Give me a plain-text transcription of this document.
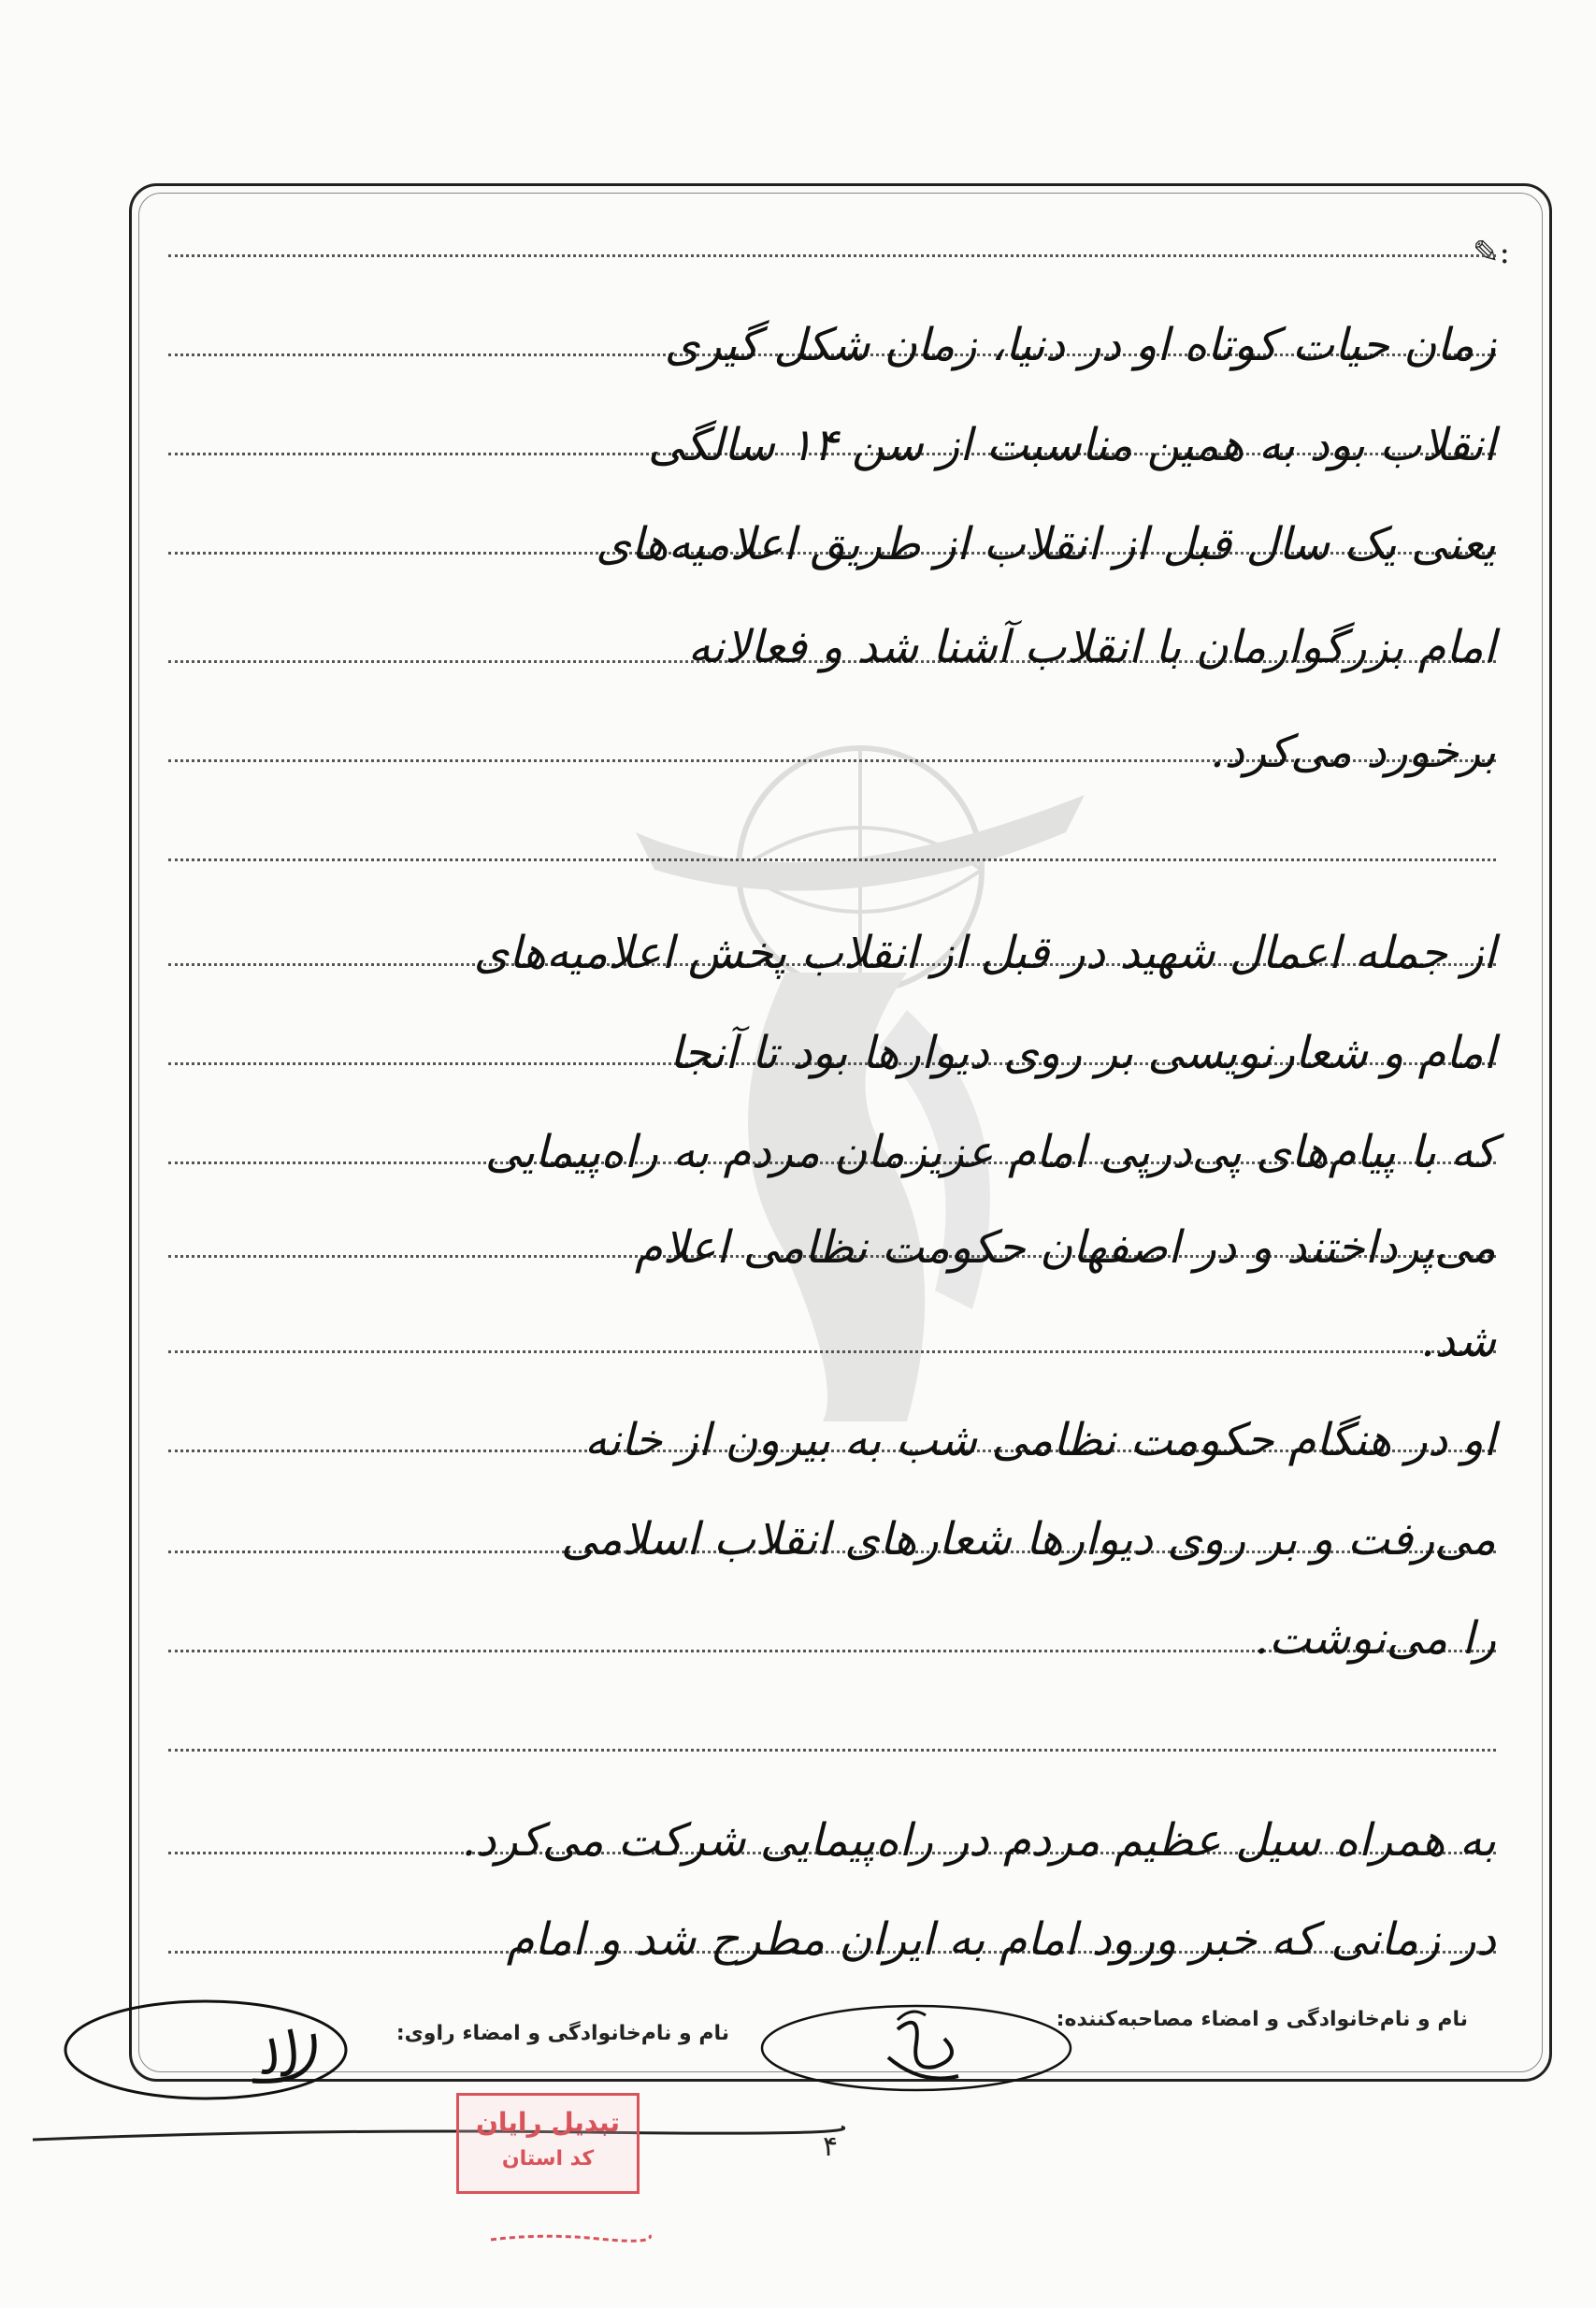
✎:
زمان حیات کوتاه او در دنیا، زمان شکل گیری
انقلاب بود به همین مناسبت از سن ۱۴ سالگی
یعنی یک سال قبل از انقلاب از طریق اعلامیه‌های
امام بزرگوارمان با انقلاب آشنا شد و فعالانه
برخورد می‌کرد.
از جمله اعمال شهید در قبل از انقلاب پخش اعلامیه‌های
امام و شعارنویسی بر روی دیوارها بود تا آنجا
که با پیام‌های پی‌در‌پی امام عزیزمان مردم به راه‌پیمایی
می‌پرداختند و در اصفهان حکومت نظامی اعلام
شد.
او در هنگام حکومت نظامی شب به بیرون از خانه
می‌رفت و بر روی دیوارها شعارهای انقلاب اسلامی
را می‌نوشت.
به همراه سیل عظیم مردم در راه‌پیمایی شرکت می‌کرد.
در زمانی که خبر ورود امام به ایران مطرح شد و امام
نام و نام‌خانوادگی و امضاء مصاحبه‌کننده:
نام و نام‌خانوادگی و امضاء راوی:
۴
تبدیل رایان
کد استان
